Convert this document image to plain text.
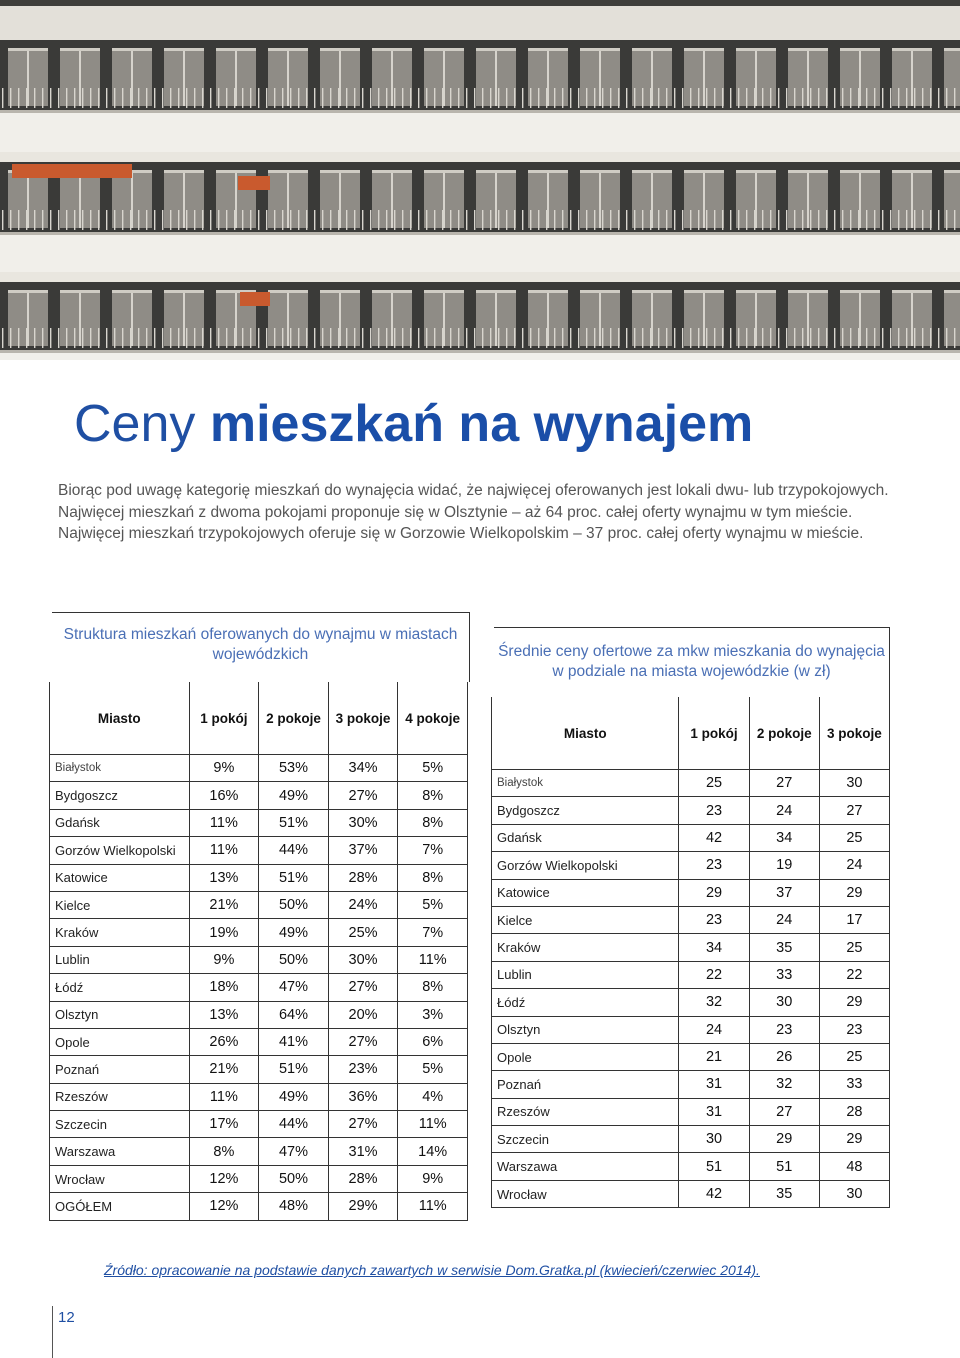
Ceny mieszkań na wynajem
Biorąc pod uwagę kategorię mieszkań do wynajęcia widać, że najwięcej oferowanych jest lokali dwu- lub trzypokojowych. Najwięcej mieszkań z dwoma pokojami proponuje się w Olsztynie – aż 64 proc. całej oferty wynajmu w tym mieście. Najwięcej mieszkań trzypokojowych oferuje się w Gorzowie Wielkopolskim – 37 proc. całej oferty wynajmu w mieście.
Struktura mieszkań oferowanych do wynajmu w miastach wojewódzkich
Miasto	1 pokój	2 pokoje	3 pokoje	4 pokoje
Białystok	9%	53%	34%	5%
Bydgoszcz	16%	49%	27%	8%
Gdańsk	11%	51%	30%	8%
Gorzów Wielkopolski	11%	44%	37%	7%
Katowice	13%	51%	28%	8%
Kielce	21%	50%	24%	5%
Kraków	19%	49%	25%	7%
Lublin	9%	50%	30%	11%
Łódź	18%	47%	27%	8%
Olsztyn	13%	64%	20%	3%
Opole	26%	41%	27%	6%
Poznań	21%	51%	23%	5%
Rzeszów	11%	49%	36%	4%
Szczecin	17%	44%	27%	11%
Warszawa	8%	47%	31%	14%
Wrocław	12%	50%	28%	9%
OGÓŁEM	12%	48%	29%	11%
Średnie ceny ofertowe za mkw mieszkania do wynajęcia w podziale na miasta wojewódzkie (w zł)
Miasto	1 pokój	2 pokoje	3 pokoje
Białystok	25	27	30
Bydgoszcz	23	24	27
Gdańsk	42	34	25
Gorzów Wielkopolski	23	19	24
Katowice	29	37	29
Kielce	23	24	17
Kraków	34	35	25
Lublin	22	33	22
Łódź	32	30	29
Olsztyn	24	23	23
Opole	21	26	25
Poznań	31	32	33
Rzeszów	31	27	28
Szczecin	30	29	29
Warszawa	51	51	48
Wrocław	42	35	30
Źródło: opracowanie na podstawie danych zawartych w serwisie Dom.Gratka.pl (kwiecień/czerwiec 2014).
12
